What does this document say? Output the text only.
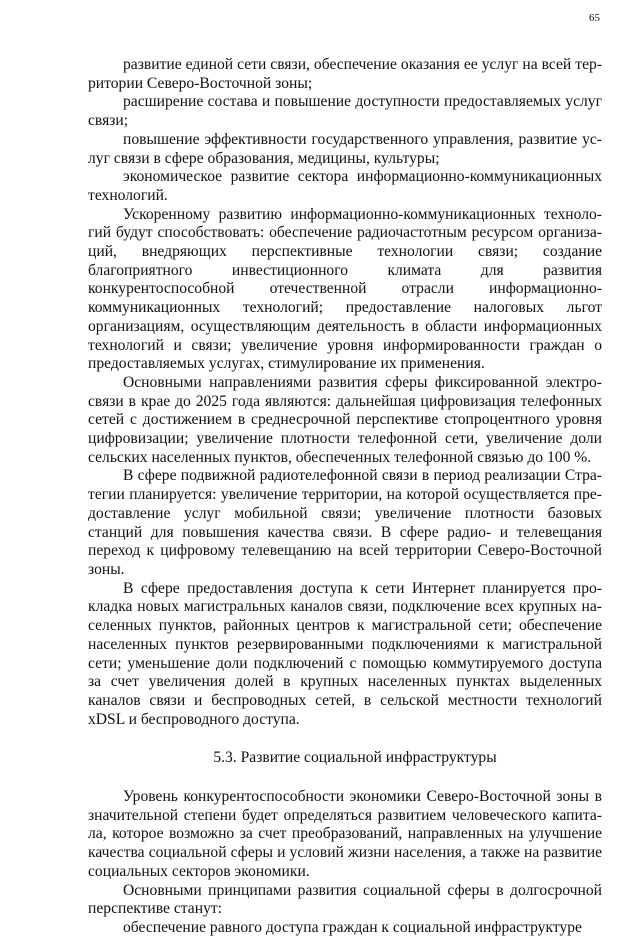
65

развитие единой сети связи, обеспечение оказания ее услуг на всей территории Северо-Восточной зоны;

расширение состава и повышение доступности предоставляемых услуг связи;

повышение эффективности государственного управления, развитие услуг связи в сфере образования, медицины, культуры;

экономическое развитие сектора информационно-коммуникационных технологий.

Ускоренному развитию информационно-коммуникационных технологий будут способствовать: обеспечение радиочастотным ресурсом организаций, внедряющих перспективные технологии связи; создание благоприятного инвестиционного климата для развития конкурентоспособной отечественной отрасли информационно-коммуникационных технологий; предоставление налоговых льгот организациям, осуществляющим деятельность в области информационных технологий и связи; увеличение уровня информированности граждан о предоставляемых услугах, стимулирование их применения.

Основными направлениями развития сферы фиксированной электросвязи в крае до 2025 года являются: дальнейшая цифровизация телефонных сетей с достижением в среднесрочной перспективе стопроцентного уровня цифровизации; увеличение плотности телефонной сети, увеличение доли сельских населенных пунктов, обеспеченных телефонной связью до 100 %.

В сфере подвижной радиотелефонной связи в период реализации Стратегии планируется: увеличение территории, на которой осуществляется предоставление услуг мобильной связи; увеличение плотности базовых станций для повышения качества связи. В сфере радио- и телевещания переход к цифровому телевещанию на всей территории Северо-Восточной зоны.

В сфере предоставления доступа к сети Интернет планируется прокладка новых магистральных каналов связи, подключение всех крупных населенных пунктов, районных центров к магистральной сети; обеспечение населенных пунктов резервированными подключениями к магистральной сети; уменьшение доли подключений с помощью коммутируемого доступа за счет увеличения долей в крупных населенных пунктах выделенных каналов связи и беспроводных сетей, в сельской местности технологий xDSL и беспроводного доступа.

5.3. Развитие социальной инфраструктуры

Уровень конкурентоспособности экономики Северо-Восточной зоны в значительной степени будет определяться развитием человеческого капитала, которое возможно за счет преобразований, направленных на улучшение качества социальной сферы и условий жизни населения, а также на развитие социальных секторов экономики.

Основными принципами развития социальной сферы в долгосрочной перспективе станут:

обеспечение равного доступа граждан к социальной инфраструктуре
